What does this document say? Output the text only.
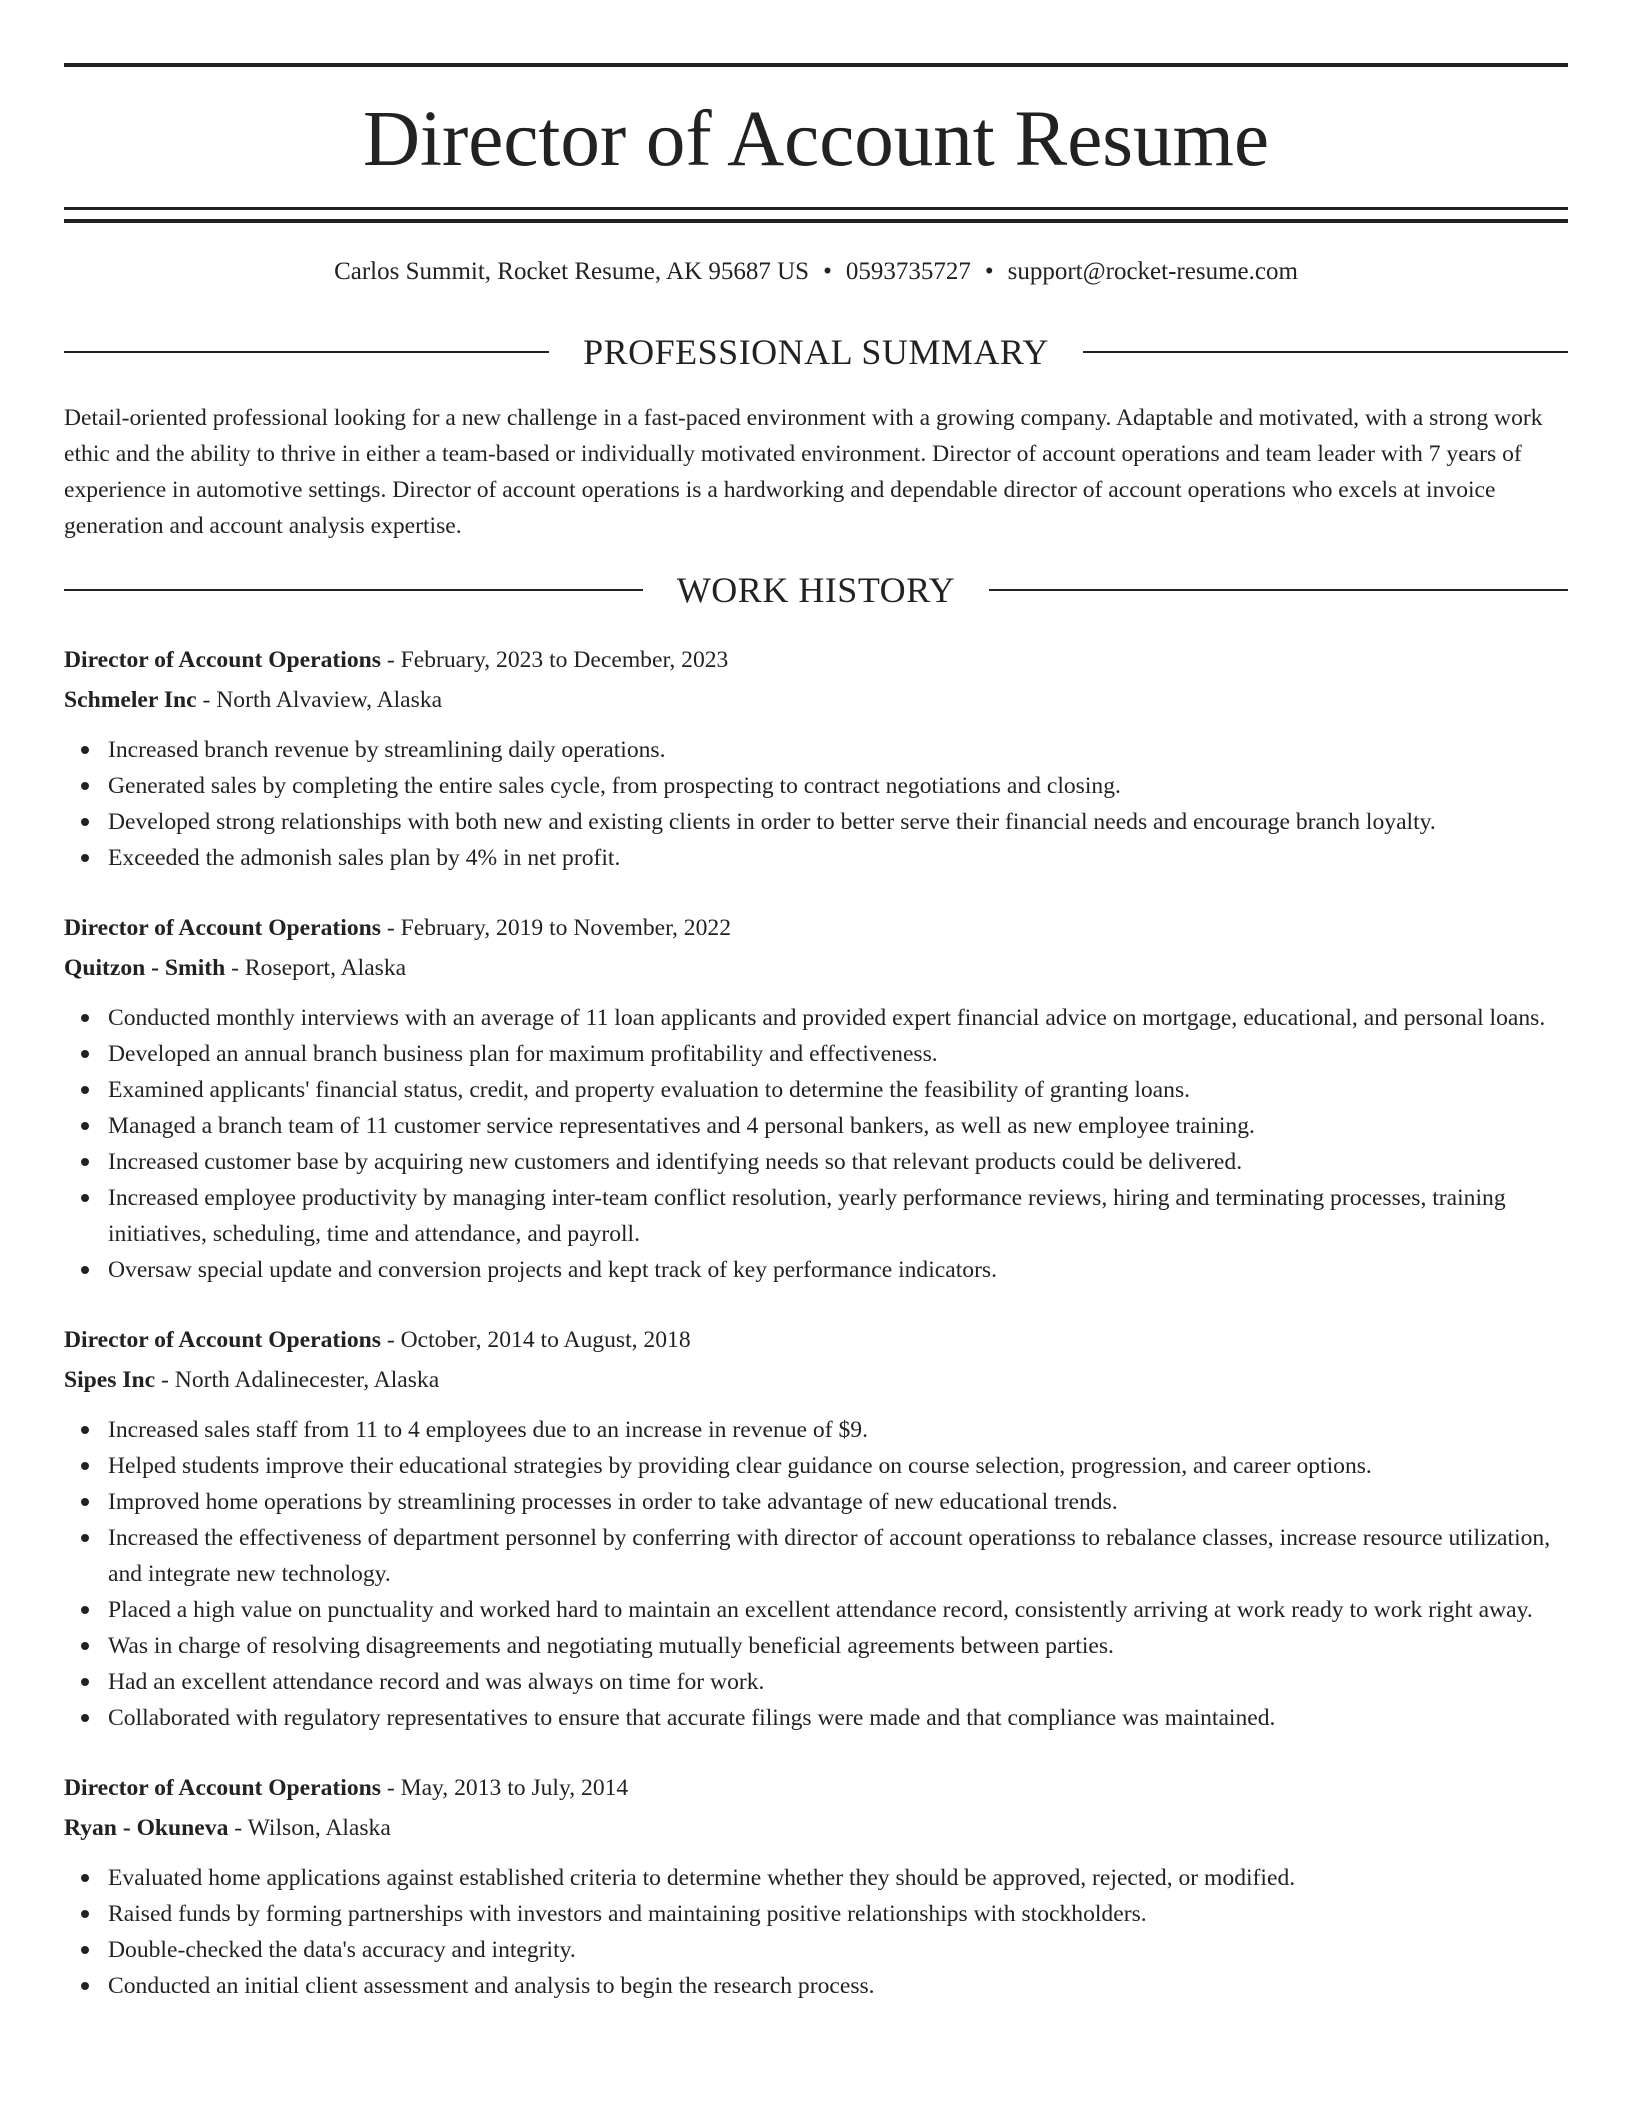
Director of Account Resume
Carlos Summit, Rocket Resume, AK 95687 US • 0593735727 • support@rocket-resume.com
PROFESSIONAL SUMMARY

Detail-oriented professional looking for a new challenge in a fast-paced environment with a growing company. Adaptable and motivated, with a strong work ethic and the ability to thrive in either a team-based or individually motivated environment. Director of account operations and team leader with 7 years of experience in automotive settings. Director of account operations is a hardworking and dependable director of account operations who excels at invoice generation and account analysis expertise.

WORK HISTORY

Director of Account Operations - February, 2023 to December, 2023

Schmeler Inc - North Alvaview, Alaska

Increased branch revenue by streamlining daily operations.
Generated sales by completing the entire sales cycle, from prospecting to contract negotiations and closing.
Developed strong relationships with both new and existing clients in order to better serve their financial needs and encourage branch loyalty.
Exceeded the admonish sales plan by 4% in net profit.

Director of Account Operations - February, 2019 to November, 2022

Quitzon - Smith - Roseport, Alaska

Conducted monthly interviews with an average of 11 loan applicants and provided expert financial advice on mortgage, educational, and personal loans.
Developed an annual branch business plan for maximum profitability and effectiveness.
Examined applicants' financial status, credit, and property evaluation to determine the feasibility of granting loans.
Managed a branch team of 11 customer service representatives and 4 personal bankers, as well as new employee training.
Increased customer base by acquiring new customers and identifying needs so that relevant products could be delivered.
Increased employee productivity by managing inter-team conflict resolution, yearly performance reviews, hiring and terminating processes, training initiatives, scheduling, time and attendance, and payroll.
Oversaw special update and conversion projects and kept track of key performance indicators.

Director of Account Operations - October, 2014 to August, 2018

Sipes Inc - North Adalinecester, Alaska

Increased sales staff from 11 to 4 employees due to an increase in revenue of $9.
Helped students improve their educational strategies by providing clear guidance on course selection, progression, and career options.
Improved home operations by streamlining processes in order to take advantage of new educational trends.
Increased the effectiveness of department personnel by conferring with director of account operationss to rebalance classes, increase resource utilization, and integrate new technology.
Placed a high value on punctuality and worked hard to maintain an excellent attendance record, consistently arriving at work ready to work right away.
Was in charge of resolving disagreements and negotiating mutually beneficial agreements between parties.
Had an excellent attendance record and was always on time for work.
Collaborated with regulatory representatives to ensure that accurate filings were made and that compliance was maintained.

Director of Account Operations - May, 2013 to July, 2014

Ryan - Okuneva - Wilson, Alaska

Evaluated home applications against established criteria to determine whether they should be approved, rejected, or modified.
Raised funds by forming partnerships with investors and maintaining positive relationships with stockholders.
Double-checked the data's accuracy and integrity.
Conducted an initial client assessment and analysis to begin the research process.
